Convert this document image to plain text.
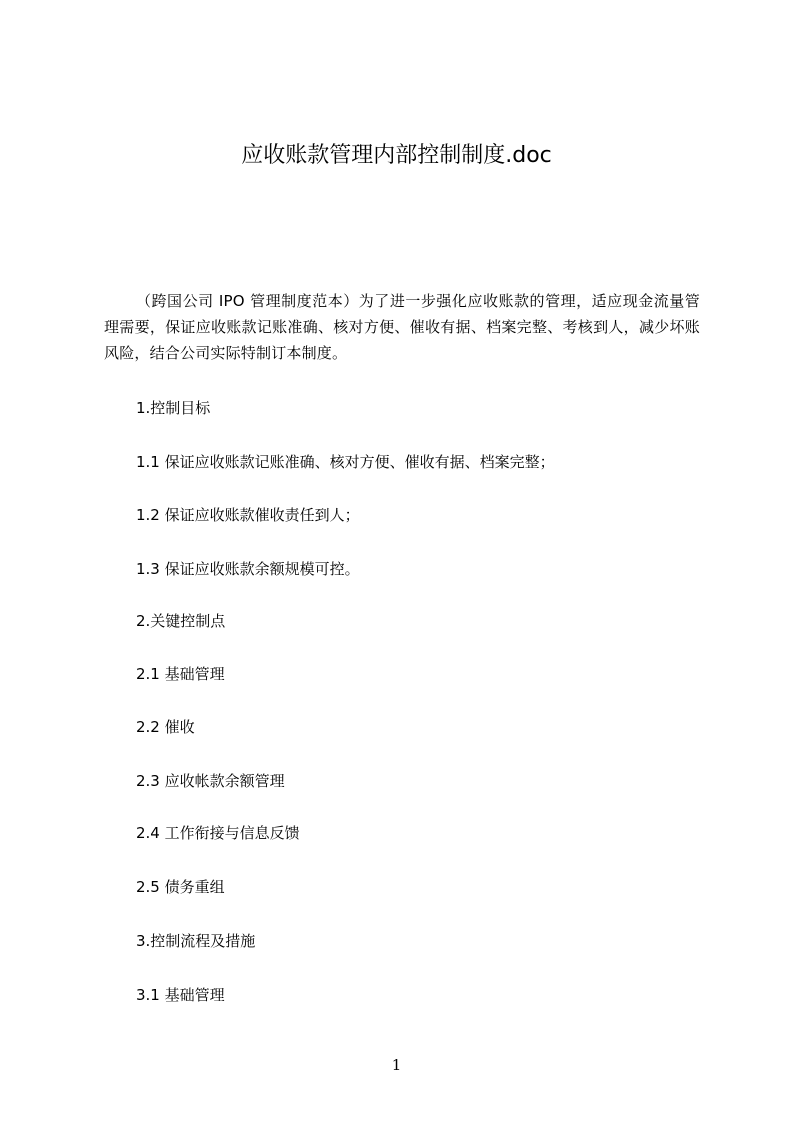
应收账款管理内部控制制度.doc

（跨国公司 IPO 管理制度范本）为了进一步强化应收账款的管理，适应现金流量管理需要，保证应收账款记账准确、核对方便、催收有据、档案完整、考核到人，减少坏账风险，结合公司实际特制订本制度。

1.控制目标

1.1 保证应收账款记账准确、核对方便、催收有据、档案完整；

1.2 保证应收账款催收责任到人；

1.3 保证应收账款余额规模可控。

2.关键控制点

2.1 基础管理

2.2 催收

2.3 应收帐款余额管理

2.4 工作衔接与信息反馈

2.5 债务重组

3.控制流程及措施

3.1 基础管理

1
